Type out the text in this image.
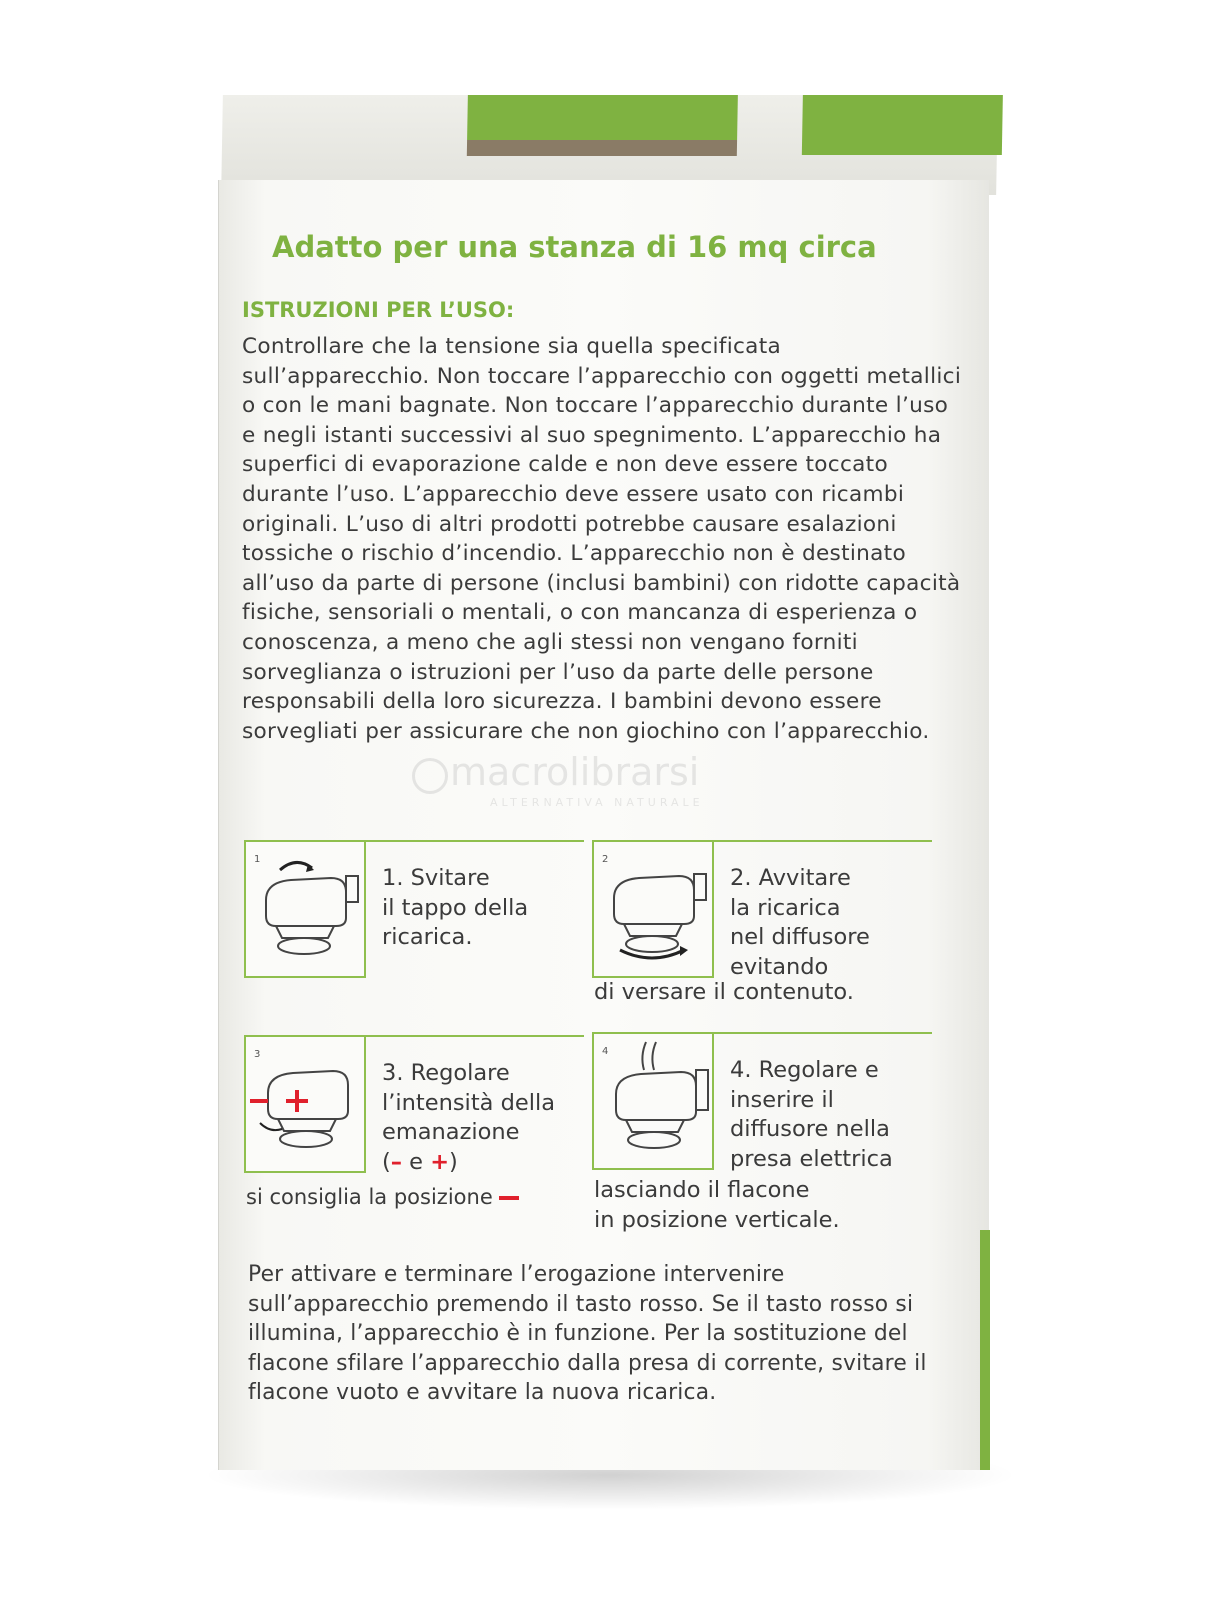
Adatto per una stanza di 16 mq circa
ISTRUZIONI PER L’USO:

Controllare che la tensione sia quella specificata sull’apparecchio. Non toccare l’apparecchio con oggetti metallici o con le mani bagnate. Non toccare l’apparecchio durante l’uso e negli istanti successivi al suo spegnimento. L’apparecchio ha superfici di evaporazione calde e non deve essere toccato durante l’uso. L’apparecchio deve essere usato con ricambi originali. L’uso di altri prodotti potrebbe causare esalazioni tossiche o rischio d’incendio. L’apparecchio non è destinato all’uso da parte di persone (inclusi bambini) con ridotte capacità fisiche, sensoriali o mentali, o con mancanza di esperienza o conoscenza, a meno che agli stessi non vengano forniti sorveglianza o istruzioni per l’uso da parte delle persone responsabili della loro sicurezza. I bambini devono essere sorvegliati per assicurare che non giochino con l’apparecchio.

macrolibrarsi
ALTERNATIVA NATURALE
1

1. Svitare
il tappo della
ricarica.

2

2. Avvitare
la ricarica
nel diffusore
evitando

di versare il contenuto.

3

3. Regolare
l’intensità della
emanazione
(– e +)

si consiglia la posizione

4

4. Regolare e
inserire il
diffusore nella
presa elettrica

lasciando il flacone
in posizione verticale.

Per attivare e terminare l’erogazione intervenire sull’apparecchio premendo il tasto rosso. Se il tasto rosso si illumina, l’apparecchio è in funzione. Per la sostituzione del flacone sfilare l’apparecchio dalla presa di corrente, svitare il flacone vuoto e avvitare la nuova ricarica.
